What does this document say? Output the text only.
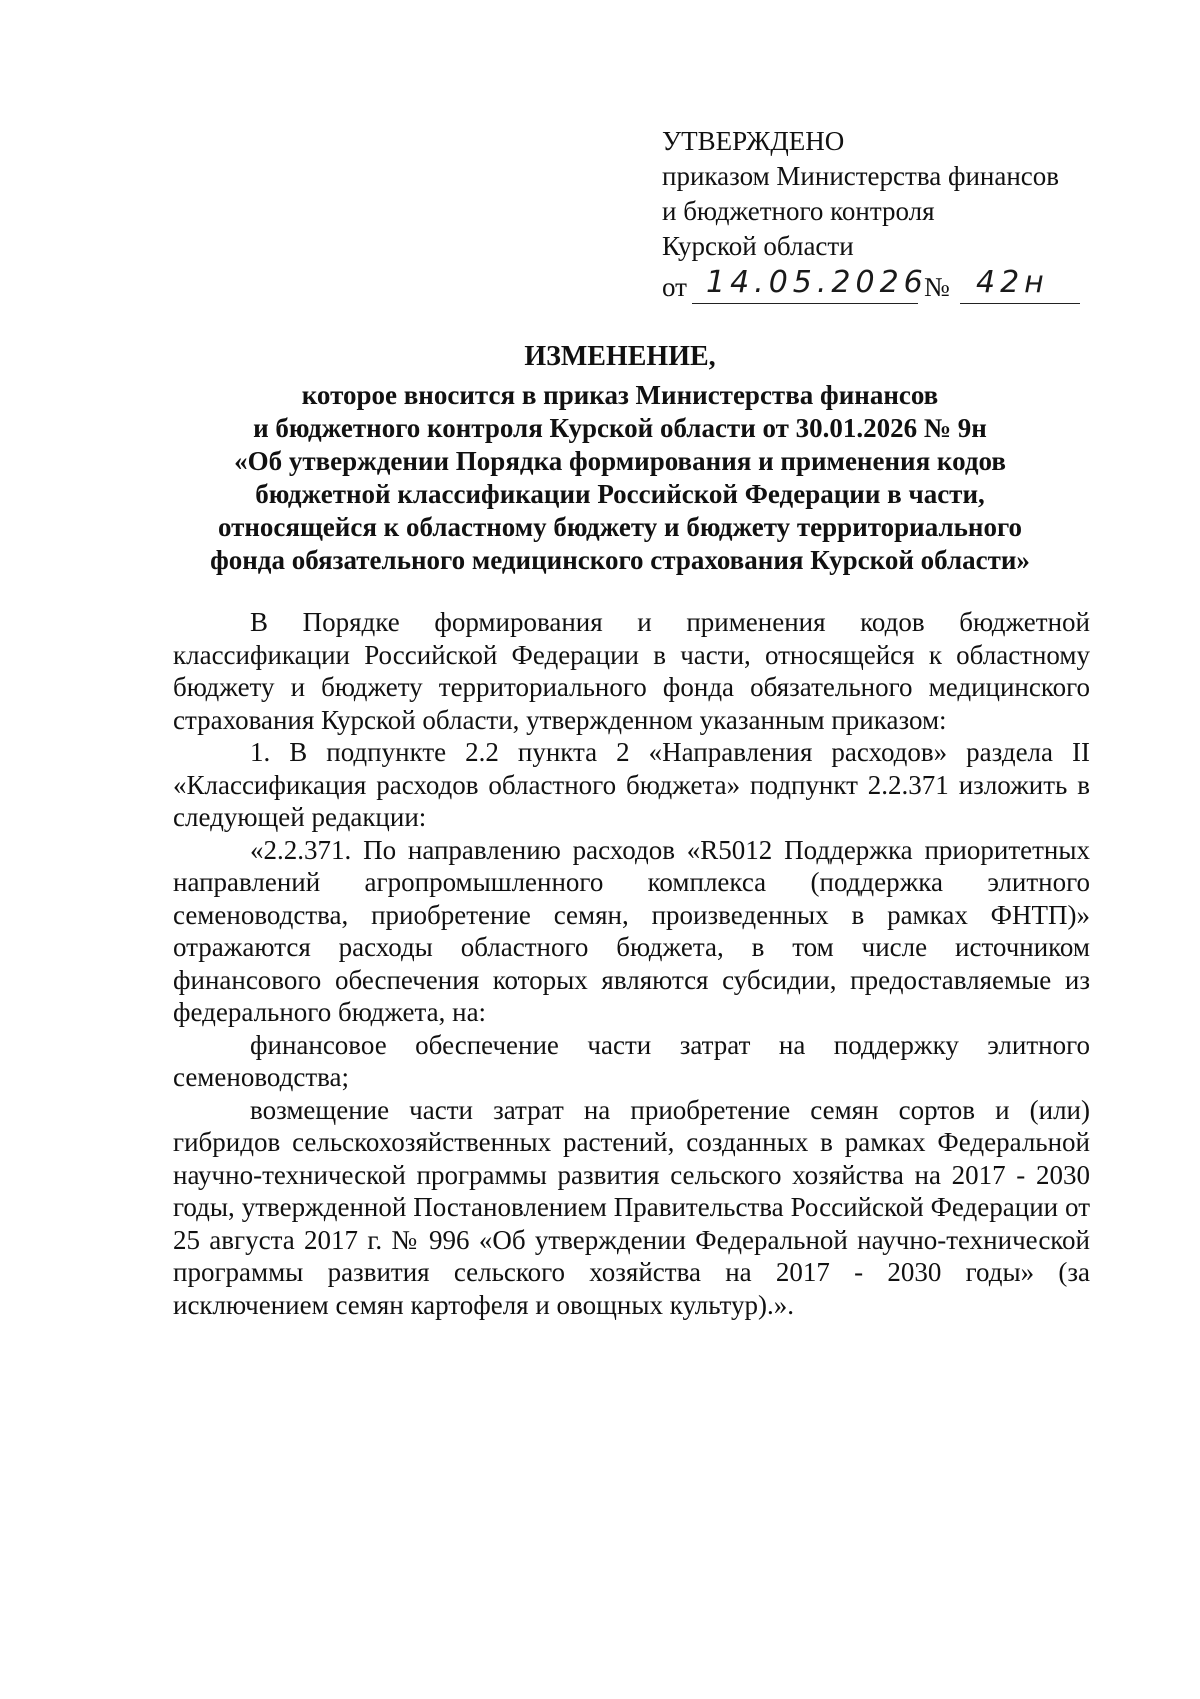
УТВЕРЖДЕНО
приказом Министерства финансов
и бюджетного контроля
Курской области
от 14.05.2026
№ 42н
ИЗМЕНЕНИЕ,
которое вносится в приказ Министерства финансов
и бюджетного контроля Курской области от 30.01.2026 № 9н
«Об утверждении Порядка формирования и применения кодов
бюджетной классификации Российской Федерации в части,
относящейся к областному бюджету и бюджету территориального
фонда обязательного медицинского страхования Курской области»

В Порядке формирования и применения кодов бюджетной классификации Российской Федерации в части, относящейся к областному бюджету и бюджету территориального фонда обязательного медицинского страхования Курской области, утвержденном указанным приказом:

1. В подпункте 2.2 пункта 2 «Направления расходов» раздела II «Классификация расходов областного бюджета» подпункт 2.2.371 изложить в следующей редакции:

«2.2.371. По направлению расходов «R5012 Поддержка приоритетных направлений агропромышленного комплекса (поддержка элитного семеноводства, приобретение семян, произведенных в рамках ФНТП)» отражаются расходы областного бюджета, в том числе источником финансового обеспечения которых являются субсидии, предоставляемые из федерального бюджета, на:

финансовое обеспечение части затрат на поддержку элитного семеноводства;

возмещение части затрат на приобретение семян сортов и (или) гибридов сельскохозяйственных растений, созданных в рамках Федеральной научно-технической программы развития сельского хозяйства на 2017 - 2030 годы, утвержденной Постановлением Правительства Российской Федерации от 25 августа 2017 г. № 996 «Об утверждении Федеральной научно-технической программы развития сельского хозяйства на 2017 - 2030 годы» (за исключением семян картофеля и овощных культур).».
